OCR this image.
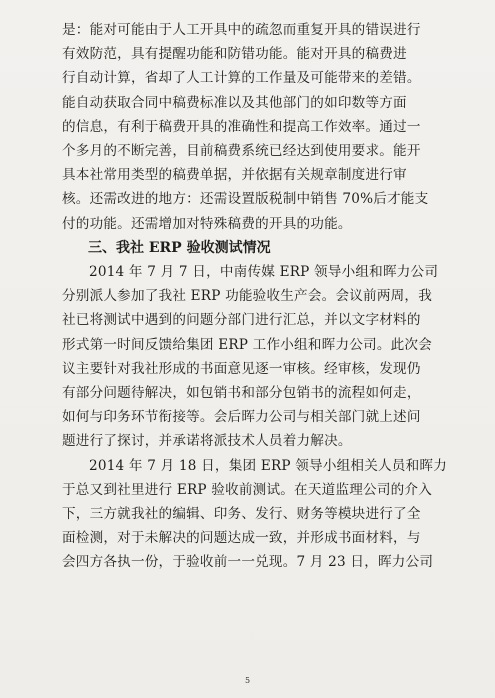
是：能对可能由于人工开具中的疏忽而重复开具的错误进行
有效防范，具有提醒功能和防错功能。能对开具的稿费进
行自动计算，省却了人工计算的工作量及可能带来的差错。
能自动获取合同中稿费标准以及其他部门的如印数等方面
的信息，有利于稿费开具的准确性和提高工作效率。通过一
个多月的不断完善，目前稿费系统已经达到使用要求。能开
具本社常用类型的稿费单据，并依据有关规章制度进行审
核。还需改进的地方：还需设置版税制中销售 70%后才能支
付的功能。还需增加对特殊稿费的开具的功能。
三、我社 ERP 验收测试情况
2014 年 7 月 7 日，中南传媒 ERP 领导小组和晖力公司
分别派人参加了我社 ERP 功能验收生产会。会议前两周，我
社已将测试中遇到的问题分部门进行汇总，并以文字材料的
形式第一时间反馈给集团 ERP 工作小组和晖力公司。此次会
议主要针对我社形成的书面意见逐一审核。经审核，发现仍
有部分问题待解决，如包销书和部分包销书的流程如何走，
如何与印务环节衔接等。会后晖力公司与相关部门就上述问
题进行了探讨，并承诺将派技术人员着力解决。
2014 年 7 月 18 日，集团 ERP 领导小组相关人员和晖力
于总又到社里进行 ERP 验收前测试。在天道监理公司的介入
下，三方就我社的编辑、印务、发行、财务等模块进行了全
面检测，对于未解决的问题达成一致，并形成书面材料，与
会四方各执一份，于验收前一一兑现。7 月 23 日，晖力公司
5
